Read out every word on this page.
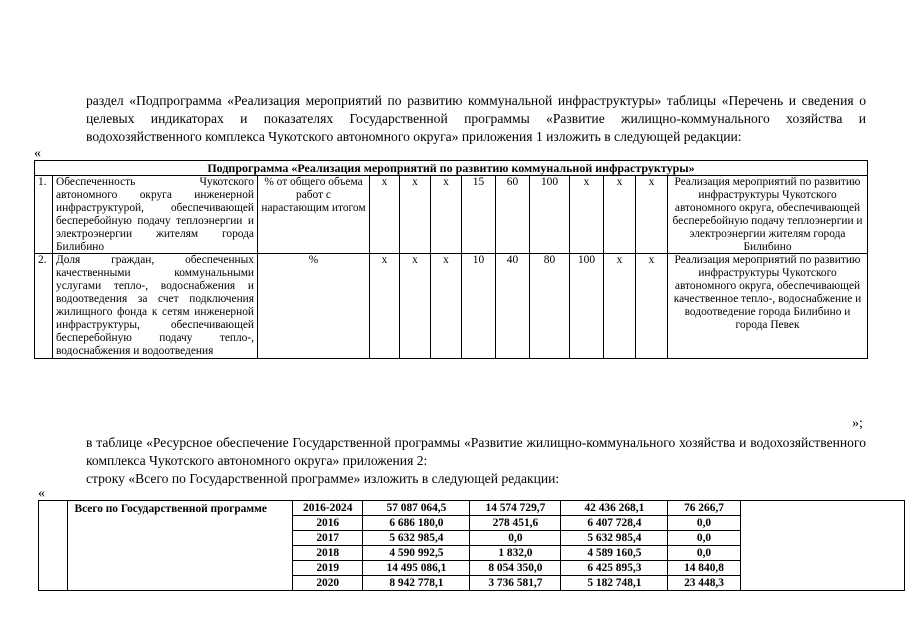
раздел «Подпрограмма «Реализация мероприятий по развитию коммунальной инфраструктуры» таблицы «Перечень и сведения о целевых индикаторах и показателях Государственной программы «Развитие жилищно-коммунального хозяйства и водохозяйственного комплекса Чукотского автономного округа» приложения 1 изложить в следующей редакции:
«
Подпрограмма «Реализация мероприятий по развитию коммунальной инфраструктуры»												
1.	Обеспеченность Чукотского автономного округа инженерной инфраструктурой, обеспечивающей бесперебойную подачу теплоэнергии и электроэнергии жителям города Билибино	% от общего объема работ с нарастающим итогом	x	x	x	15	60	100	x	x	x	Реализация мероприятий по развитию инфраструктуры Чукотского автономного округа, обеспечивающей бесперебойную подачу теплоэнергии и электроэнергии жителям города Билибино
2.	Доля граждан, обеспеченных качественными коммунальными услугами тепло-, водоснабжения и водоотведения за счет подключения жилищного фонда к сетям инженерной инфраструктуры, обеспечивающей бесперебойную подачу тепло-, водоснабжения и водоотведения	%	x	x	x	10	40	80	100	x	x	Реализация мероприятий по развитию инфраструктуры Чукотского автономного округа, обеспечивающей качественное тепло-, водоснабжение и водоотведение города Билибино и города Певек
»;
в таблице «Ресурсное обеспечение Государственной программы «Развитие жилищно-коммунального хозяйства и водохозяйственного комплекса Чукотского автономного округа» приложения 2:
строку «Всего по Государственной программе» изложить в следующей редакции:
«
	Всего по Государственной программе	2016-2024	57 087 064,5	14 574 729,7	42 436 268,1	76 266,7	
		2016	6 686 180,0	278 451,6	6 407 728,4	0,0	
		2017	5 632 985,4	0,0	5 632 985,4	0,0	
		2018	4 590 992,5	1 832,0	4 589 160,5	0,0	
		2019	14 495 086,1	8 054 350,0	6 425 895,3	14 840,8	
		2020	8 942 778,1	3 736 581,7	5 182 748,1	23 448,3	
